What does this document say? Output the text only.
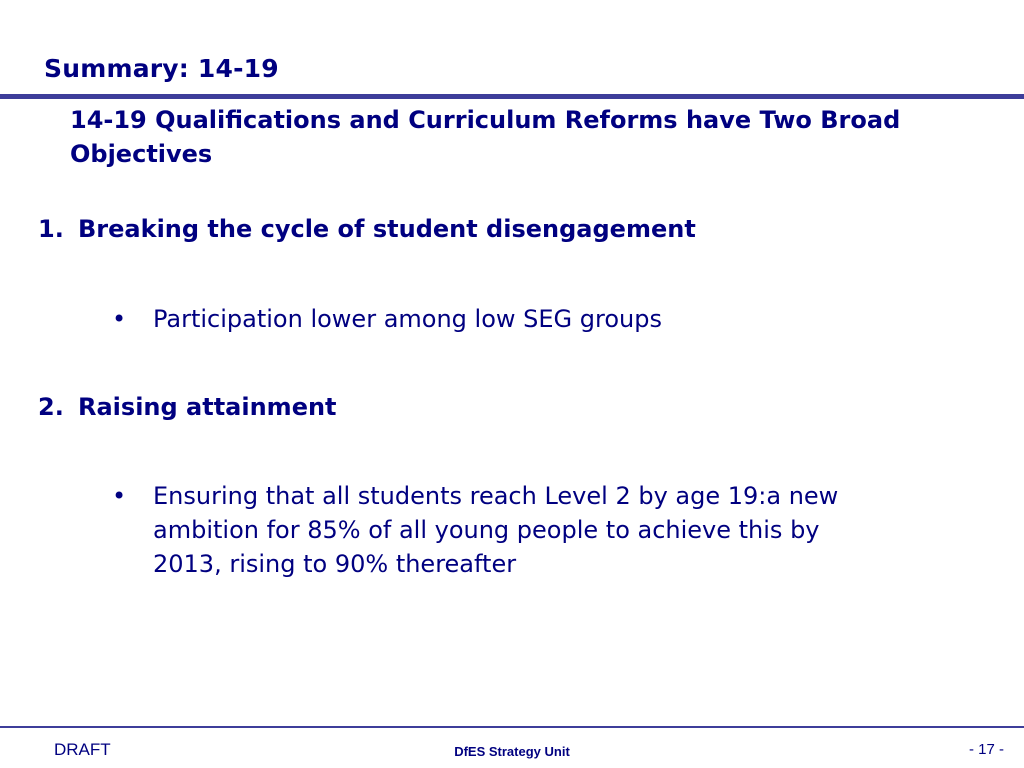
Summary: 14-19
14-19 Qualifications and Curriculum Reforms have Two Broad Objectives
1. Breaking the cycle of student disengagement
•	Participation lower among low SEG groups
2. Raising attainment
•	Ensuring that all students reach Level 2 by age 19:a new ambition for 85% of all young people to achieve this by 2013, rising to 90% thereafter
DRAFT	DfES Strategy Unit	- 17 -
